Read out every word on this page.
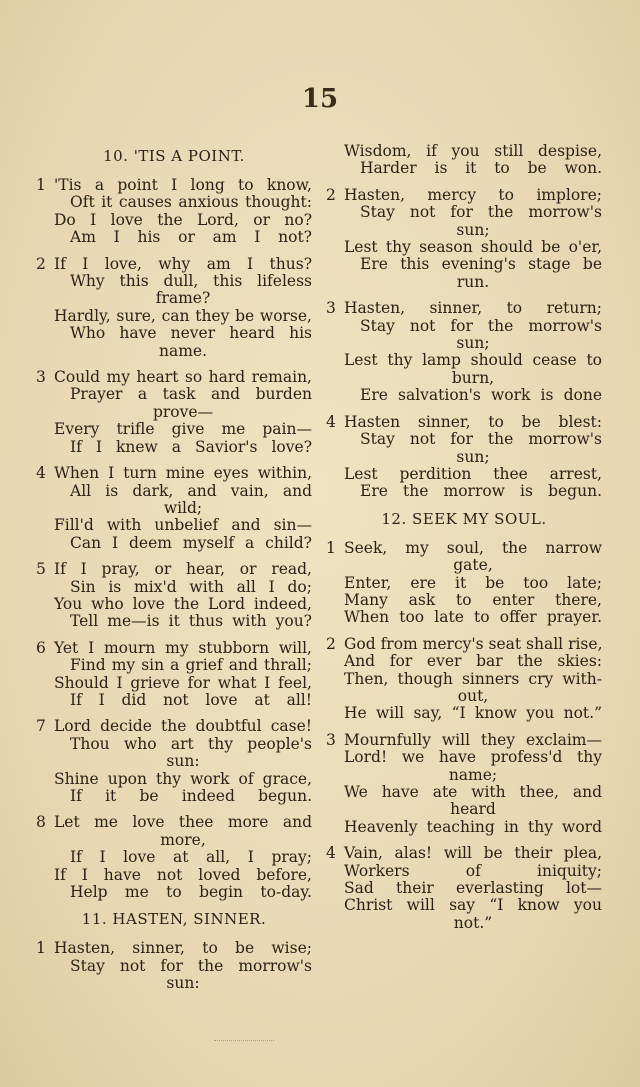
15
10. 'TIS A POINT.
1 'Tis a point I long to know,
Oft it causes anxious thought:
Do I love the Lord, or no?
Am I his or am I not?
2 If I love, why am I thus?
Why this dull, this lifeless
frame?
Hardly, sure, can they be worse,
Who have never heard his
name.
3 Could my heart so hard remain,
Prayer a task and burden
prove—
Every trifle give me pain—
If I knew a Savior's love?
4 When I turn mine eyes within,
All is dark, and vain, and
wild;
Fill'd with unbelief and sin—
Can I deem myself a child?
5 If I pray, or hear, or read,
Sin is mix'd with all I do;
You who love the Lord indeed,
Tell me—is it thus with you?
6 Yet I mourn my stubborn will,
Find my sin a grief and thrall;
Should I grieve for what I feel,
If I did not love at all!
7 Lord decide the doubtful case!
Thou who art thy people's
sun:
Shine upon thy work of grace,
If it be indeed begun.
8 Let me love thee more and
more,
If I love at all, I pray;
If I have not loved before,
Help me to begin to-day.
11. HASTEN, SINNER.
1 Hasten, sinner, to be wise;
Stay not for the morrow's
sun:
Wisdom, if you still despise,
Harder is it to be won.
2 Hasten, mercy to implore;
Stay not for the morrow's
sun;
Lest thy season should be o'er,
Ere this evening's stage be
run.
3 Hasten, sinner, to return;
Stay not for the morrow's
sun;
Lest thy lamp should cease to
burn,
Ere salvation's work is done
4 Hasten sinner, to be blest:
Stay not for the morrow's
sun;
Lest perdition thee arrest,
Ere the morrow is begun.
12. SEEK MY SOUL.
1 Seek, my soul, the narrow
gate,
Enter, ere it be too late;
Many ask to enter there,
When too late to offer prayer.
2 God from mercy's seat shall rise,
And for ever bar the skies:
Then, though sinners cry with-
out,
He will say, “I know you not.”
3 Mournfully will they exclaim—
Lord! we have profess'd thy
name;
We have ate with thee, and
heard
Heavenly teaching in thy word
4 Vain, alas! will be their plea,
Workers of iniquity;
Sad their everlasting lot—
Christ will say “I know you
not.”
